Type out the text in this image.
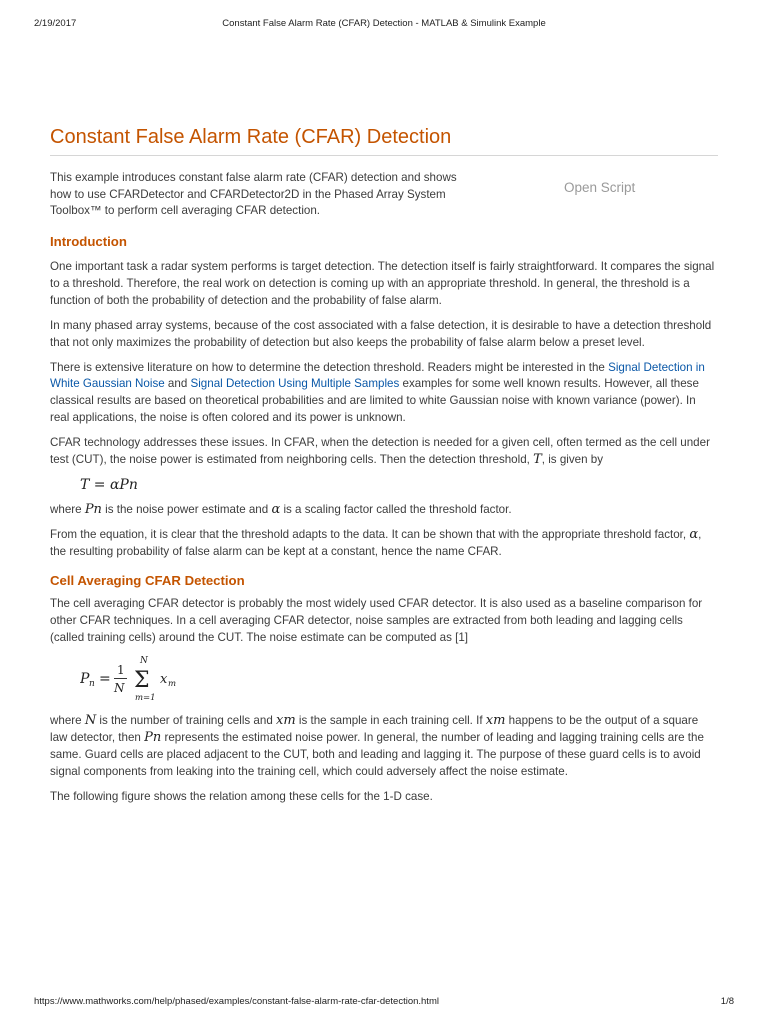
2/19/2017	Constant False Alarm Rate (CFAR) Detection - MATLAB & Simulink Example
Constant False Alarm Rate (CFAR) Detection

This example introduces constant false alarm rate (CFAR) detection and shows how to use CFARDetector and CFARDetector2D in the Phased Array System Toolbox™ to perform cell averaging CFAR detection.

Open Script
Introduction

One important task a radar system performs is target detection. The detection itself is fairly straightforward. It compares the signal to a threshold. Therefore, the real work on detection is coming up with an appropriate threshold. In general, the threshold is a function of both the probability of detection and the probability of false alarm.

In many phased array systems, because of the cost associated with a false detection, it is desirable to have a detection threshold that not only maximizes the probability of detection but also keeps the probability of false alarm below a preset level.

There is extensive literature on how to determine the detection threshold. Readers might be interested in the Signal Detection in White Gaussian Noise and Signal Detection Using Multiple Samples examples for some well known results. However, all these classical results are based on theoretical probabilities and are limited to white Gaussian noise with known variance (power). In real applications, the noise is often colored and its power is unknown.

CFAR technology addresses these issues. In CFAR, when the detection is needed for a given cell, often termed as the cell under test (CUT), the noise power is estimated from neighboring cells. Then the detection threshold, T, is given by

T = αPn

where Pn is the noise power estimate and α is a scaling factor called the threshold factor.

From the equation, it is clear that the threshold adapts to the data. It can be shown that with the appropriate threshold factor, α, the resulting probability of false alarm can be kept at a constant, hence the name CFAR.

Cell Averaging CFAR Detection

The cell averaging CFAR detector is probably the most widely used CFAR detector. It is also used as a baseline comparison for other CFAR techniques. In a cell averaging CFAR detector, noise samples are extracted from both leading and lagging cells (called training cells) around the CUT. The noise estimate can be computed as [1]

P n =
1
N
N
Σ
m=1
x m

where N is the number of training cells and xm is the sample in each training cell. If xm happens to be the output of a square law detector, then Pn represents the estimated noise power. In general, the number of leading and lagging training cells are the same. Guard cells are placed adjacent to the CUT, both and leading and lagging it. The purpose of these guard cells is to avoid signal components from leaking into the training cell, which could adversely affect the noise estimate.

The following figure shows the relation among these cells for the 1-D case.

https://www.mathworks.com/help/phased/examples/constant-false-alarm-rate-cfar-detection.html	1/8
